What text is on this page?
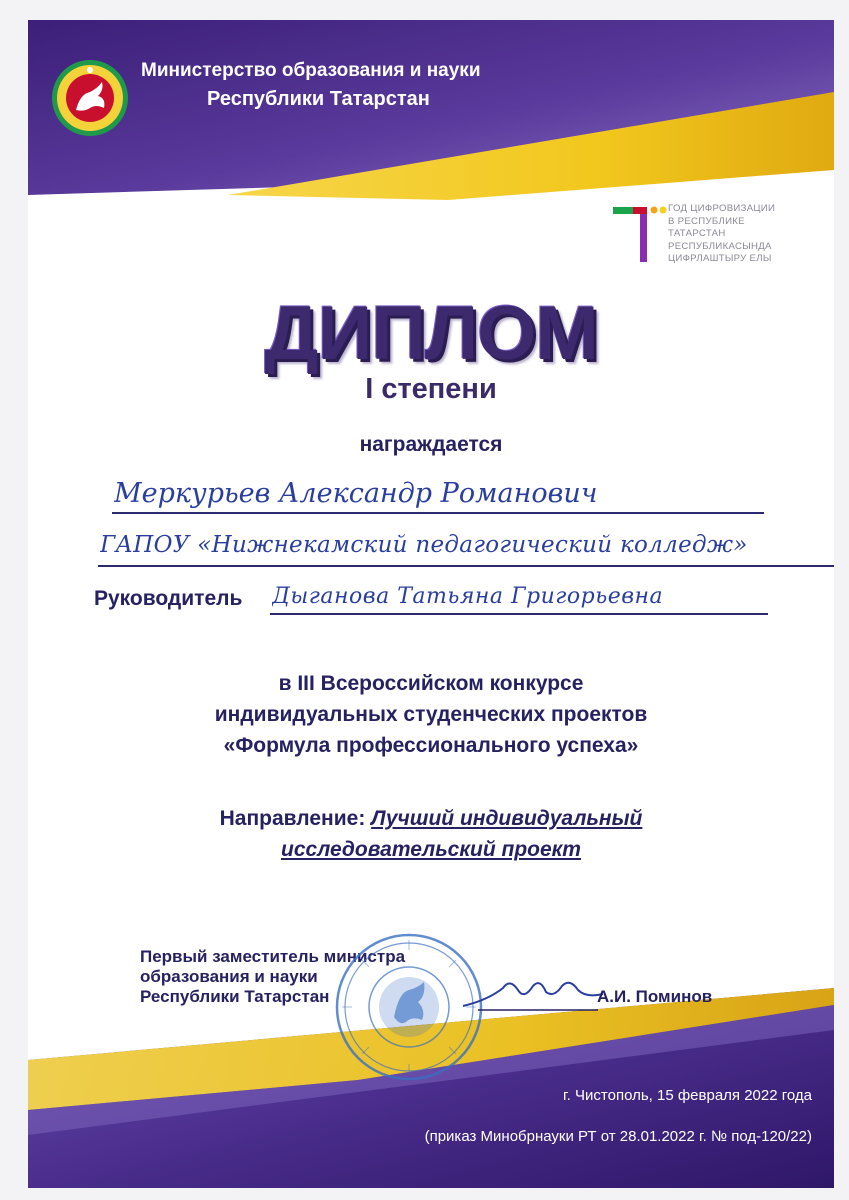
Министерство образования и науки
Республики Татарстан
ГОД ЦИФРОВИЗАЦИИ
В РЕСПУБЛИКЕ
ТАТАРСТАН
РЕСПУБЛИКАСЫНДА
ЦИФРЛАШТЫРУ ЕЛЫ
ДИПЛОМ
I степени
награждается
Меркурьев Александр Романович
ГАПОУ «Нижнекамский педагогический колледж»
Руководитель Дыганова Татьяна Григорьевна
в III Всероссийском конкурсе
индивидуальных студенческих проектов
«Формула профессионального успеха»
Направление: Лучший индивидуальный
исследовательский проект
Первый заместитель министра
образования и науки
Республики Татарстан	А.И. Поминов
г. Чистополь, 15 февраля 2022 года
(приказ Минобрнауки РТ от 28.01.2022 г. № под-120/22)
